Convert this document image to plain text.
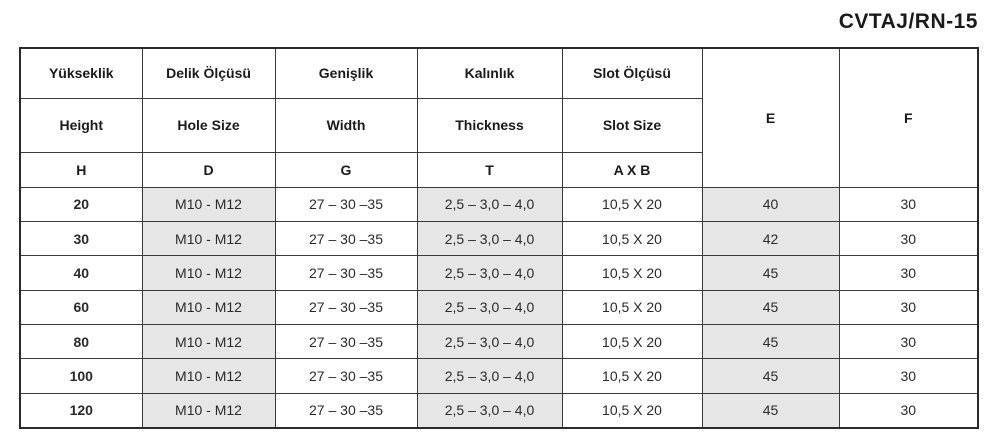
CVTAJ/RN-15
Yükseklik	Delik Ölçüsü	Genişlik	Kalınlık	Slot Ölçüsü	E	F
Height	Hole Size	Width	Thickness	Slot Size		
H	D	G	T	A X B		
20	M10 - M12	27 – 30 –35	2,5 – 3,0 – 4,0	10,5 X 20	40	30
30	M10 - M12	27 – 30 –35	2,5 – 3,0 – 4,0	10,5 X 20	42	30
40	M10 - M12	27 – 30 –35	2,5 – 3,0 – 4,0	10,5 X 20	45	30
60	M10 - M12	27 – 30 –35	2,5 – 3,0 – 4,0	10,5 X 20	45	30
80	M10 - M12	27 – 30 –35	2,5 – 3,0 – 4,0	10,5 X 20	45	30
100	M10 - M12	27 – 30 –35	2,5 – 3,0 – 4,0	10,5 X 20	45	30
120	M10 - M12	27 – 30 –35	2,5 – 3,0 – 4,0	10,5 X 20	45	30
